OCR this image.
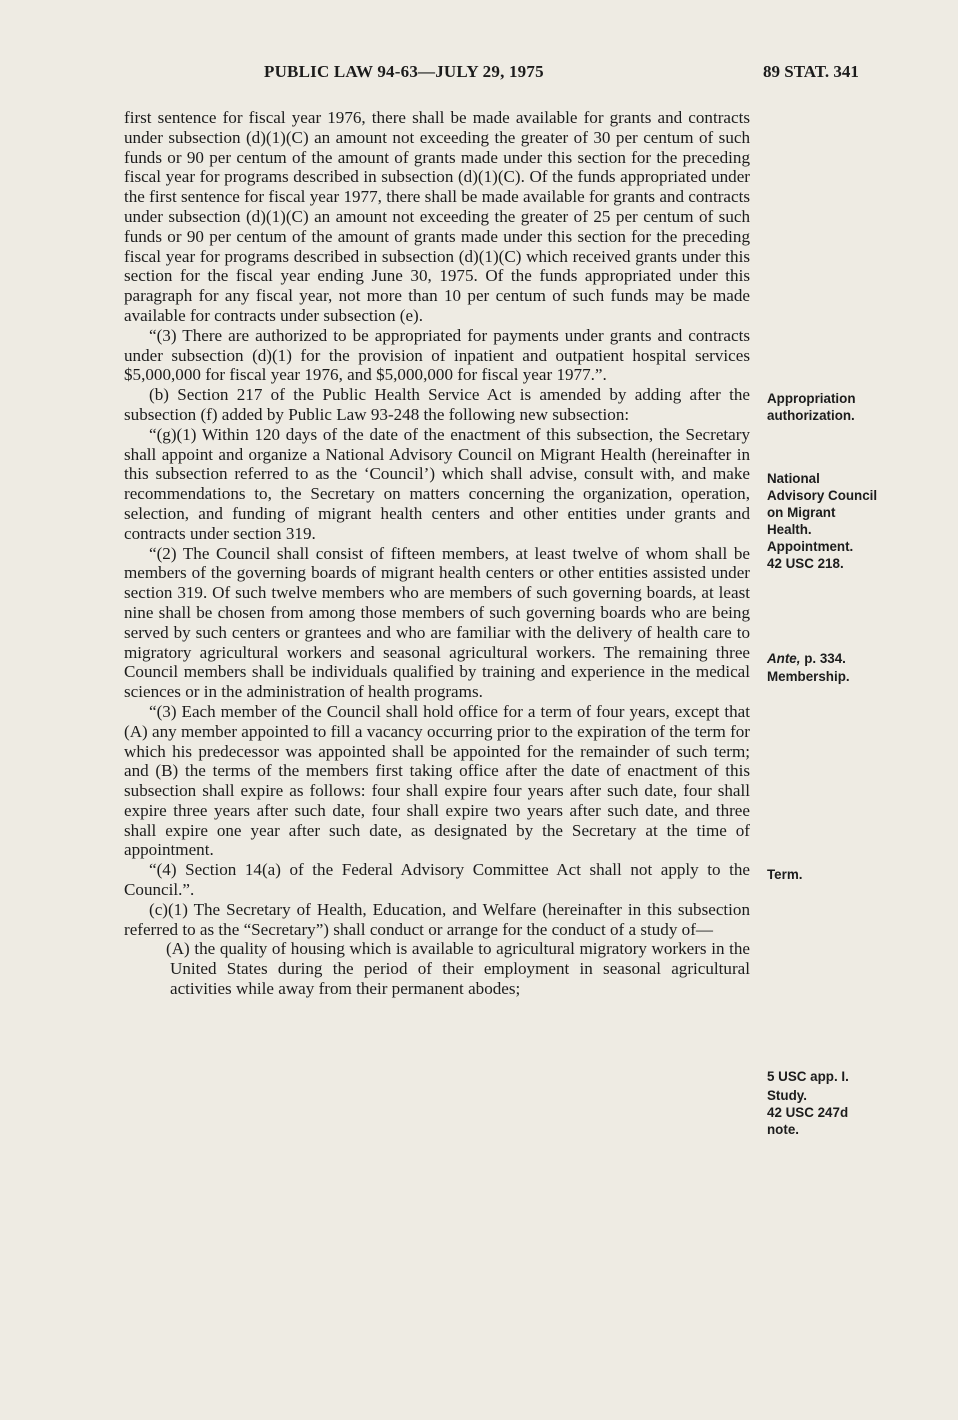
PUBLIC LAW 94-63—JULY 29, 1975	89 STAT. 341

first sentence for fiscal year 1976, there shall be made available for grants and contracts under subsection (d)(1)(C) an amount not exceeding the greater of 30 per centum of such funds or 90 per centum of the amount of grants made under this section for the preceding fiscal year for programs described in subsection (d)(1)(C). Of the funds appropriated under the first sentence for fiscal year 1977, there shall be made available for grants and contracts under subsection (d)(1)(C) an amount not exceeding the greater of 25 per centum of such funds or 90 per centum of the amount of grants made under this section for the preceding fiscal year for programs described in subsection (d)(1)(C) which received grants under this section for the fiscal year ending June 30, 1975. Of the funds appropriated under this paragraph for any fiscal year, not more than 10 per centum of such funds may be made available for contracts under subsection (e).

“(3) There are authorized to be appropriated for payments under grants and contracts under subsection (d)(1) for the provision of inpatient and outpatient hospital services $5,000,000 for fiscal year 1976, and $5,000,000 for fiscal year 1977.”.

(b) Section 217 of the Public Health Service Act is amended by adding after the subsection (f) added by Public Law 93-248 the following new subsection:

“(g)(1) Within 120 days of the date of the enactment of this subsection, the Secretary shall appoint and organize a National Advisory Council on Migrant Health (hereinafter in this subsection referred to as the ‘Council’) which shall advise, consult with, and make recommendations to, the Secretary on matters concerning the organization, operation, selection, and funding of migrant health centers and other entities under grants and contracts under section 319.

“(2) The Council shall consist of fifteen members, at least twelve of whom shall be members of the governing boards of migrant health centers or other entities assisted under section 319. Of such twelve members who are members of such governing boards, at least nine shall be chosen from among those members of such governing boards who are being served by such centers or grantees and who are familiar with the delivery of health care to migratory agricultural workers and seasonal agricultural workers. The remaining three Council members shall be individuals qualified by training and experience in the medical sciences or in the administration of health programs.

“(3) Each member of the Council shall hold office for a term of four years, except that (A) any member appointed to fill a vacancy occurring prior to the expiration of the term for which his predecessor was appointed shall be appointed for the remainder of such term; and (B) the terms of the members first taking office after the date of enactment of this subsection shall expire as follows: four shall expire four years after such date, four shall expire three years after such date, four shall expire two years after such date, and three shall expire one year after such date, as designated by the Secretary at the time of appointment.

“(4) Section 14(a) of the Federal Advisory Committee Act shall not apply to the Council.”.

(c)(1) The Secretary of Health, Education, and Welfare (hereinafter in this subsection referred to as the “Secretary”) shall conduct or arrange for the conduct of a study of—

(A) the quality of housing which is available to agricultural migratory workers in the United States during the period of their employment in seasonal agricultural activities while away from their permanent abodes;

Appropriation
authorization.
National
Advisory Council
on Migrant
Health.
Appointment.
42 USC 218.
Ante, p. 334.
Membership.
Term.
5 USC app. I.
Study.
42 USC 247d
note.
